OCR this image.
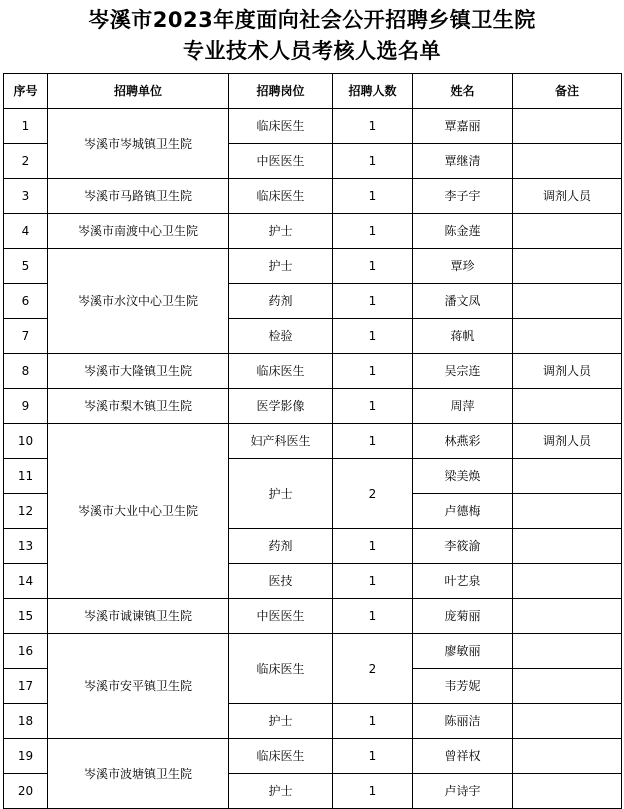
岑溪市2023年度面向社会公开招聘乡镇卫生院
专业技术人员考核人选名单
序号	招聘单位	招聘岗位	招聘人数	姓名	备注
1	岑溪市岑城镇卫生院	临床医生	1	覃嘉丽	
2		中医医生	1	覃继清	
3	岑溪市马路镇卫生院	临床医生	1	李子宇	调剂人员
4	岑溪市南渡中心卫生院	护士	1	陈金莲	
5	岑溪市水汶中心卫生院	护士	1	覃珍	
6		药剂	1	潘文凤	
7		检验	1	蒋帆	
8	岑溪市大隆镇卫生院	临床医生	1	吴宗连	调剂人员
9	岑溪市梨木镇卫生院	医学影像	1	周萍	
10	岑溪市大业中心卫生院	妇产科医生	1	林燕彩	调剂人员
11		护士	2	梁美焕	
12				卢德梅	
13		药剂	1	李筱渝	
14		医技	1	叶艺泉	
15	岑溪市诚谏镇卫生院	中医医生	1	庞菊丽	
16	岑溪市安平镇卫生院	临床医生	2	廖敏丽	
17				韦芳妮	
18		护士	1	陈丽洁	
19	岑溪市波塘镇卫生院	临床医生	1	曾祥权	
20		护士	1	卢诗宇	
